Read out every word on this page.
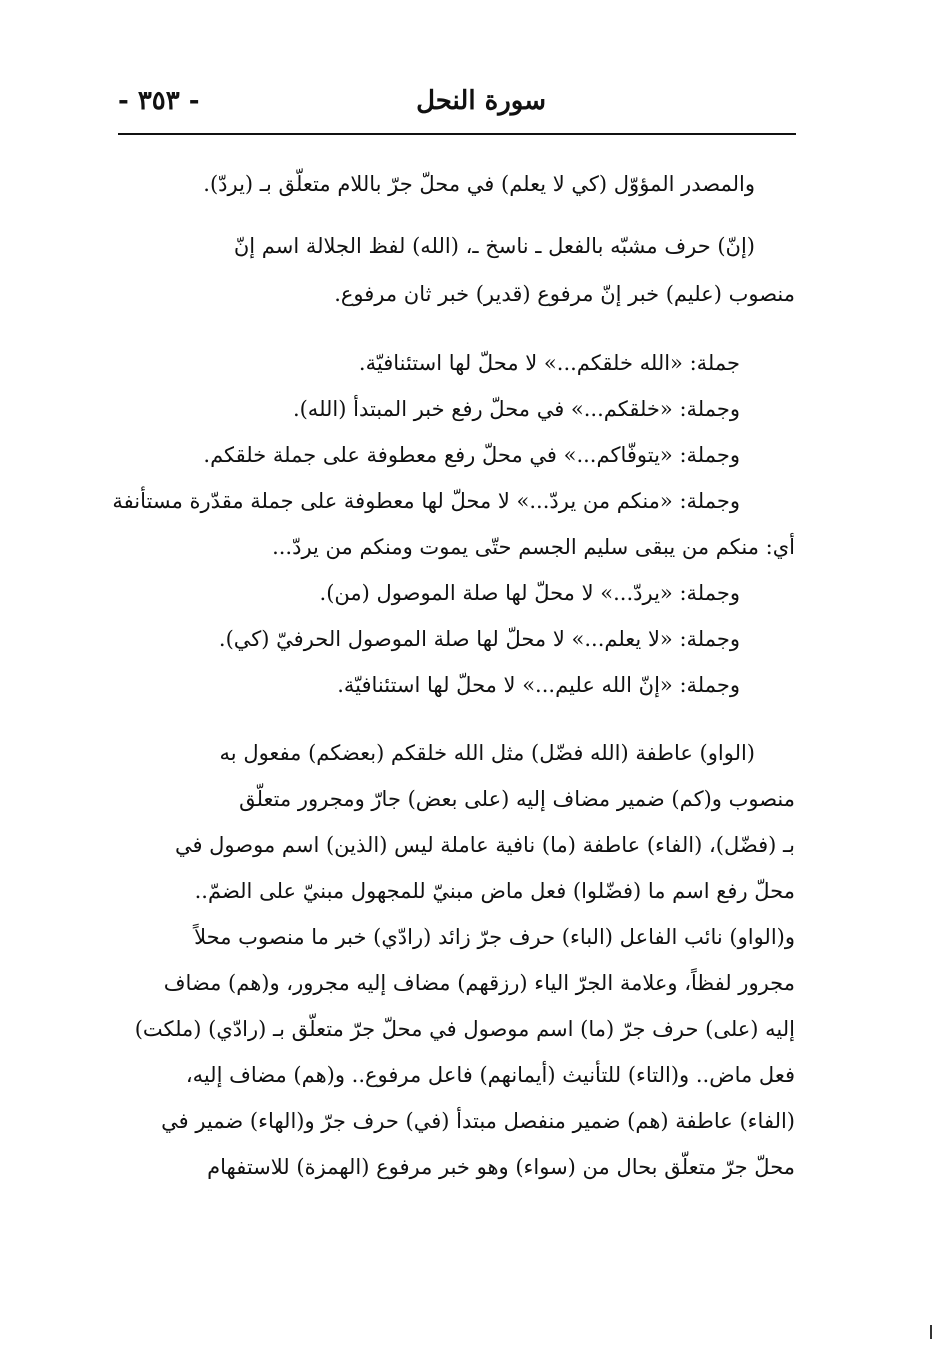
سورة النحل
- ٣٥٣ -
والمصدر المؤوّل (كي لا يعلم) في محلّ جرّ باللام متعلّق بـ (يردّ).
(إنّ) حرف مشبّه بالفعل ـ ناسخ ـ، (الله) لفظ الجلالة اسم إنّ
منصوب (عليم) خبر إنّ مرفوع (قدير) خبر ثان مرفوع.
جملة: «الله خلقكم...» لا محلّ لها استئنافيّة.
وجملة: «خلقكم...» في محلّ رفع خبر المبتدأ (الله).
وجملة: «يتوفّاكم...» في محلّ رفع معطوفة على جملة خلقكم.
وجملة: «منكم من يردّ...» لا محلّ لها معطوفة على جملة مقدّرة مستأنفة
أي: منكم من يبقى سليم الجسم حتّى يموت ومنكم من يردّ...
وجملة: «يردّ...» لا محلّ لها صلة الموصول (من).
وجملة: «لا يعلم...» لا محلّ لها صلة الموصول الحرفيّ (كي).
وجملة: «إنّ الله عليم...» لا محلّ لها استئنافيّة.
(الواو) عاطفة (الله فضّل) مثل الله خلقكم (بعضكم) مفعول به
منصوب و(كم) ضمير مضاف إليه (على بعض) جارّ ومجرور متعلّق
بـ (فضّل)، (الفاء) عاطفة (ما) نافية عاملة ليس (الذين) اسم موصول في
محلّ رفع اسم ما (فضّلوا) فعل ماض مبنيّ للمجهول مبنيّ على الضمّ..
و(الواو) نائب الفاعل (الباء) حرف جرّ زائد (رادّي) خبر ما منصوب محلاً
مجرور لفظاً، وعلامة الجرّ الياء (رزقهم) مضاف إليه مجرور، و(هم) مضاف
إليه (على) حرف جرّ (ما) اسم موصول في محلّ جرّ متعلّق بـ (رادّي) (ملكت)
فعل ماض.. و(التاء) للتأنيث (أيمانهم) فاعل مرفوع.. و(هم) مضاف إليه،
(الفاء) عاطفة (هم) ضمير منفصل مبتدأ (في) حرف جرّ و(الهاء) ضمير في
محلّ جرّ متعلّق بحال من (سواء) وهو خبر مرفوع (الهمزة) للاستفهام
